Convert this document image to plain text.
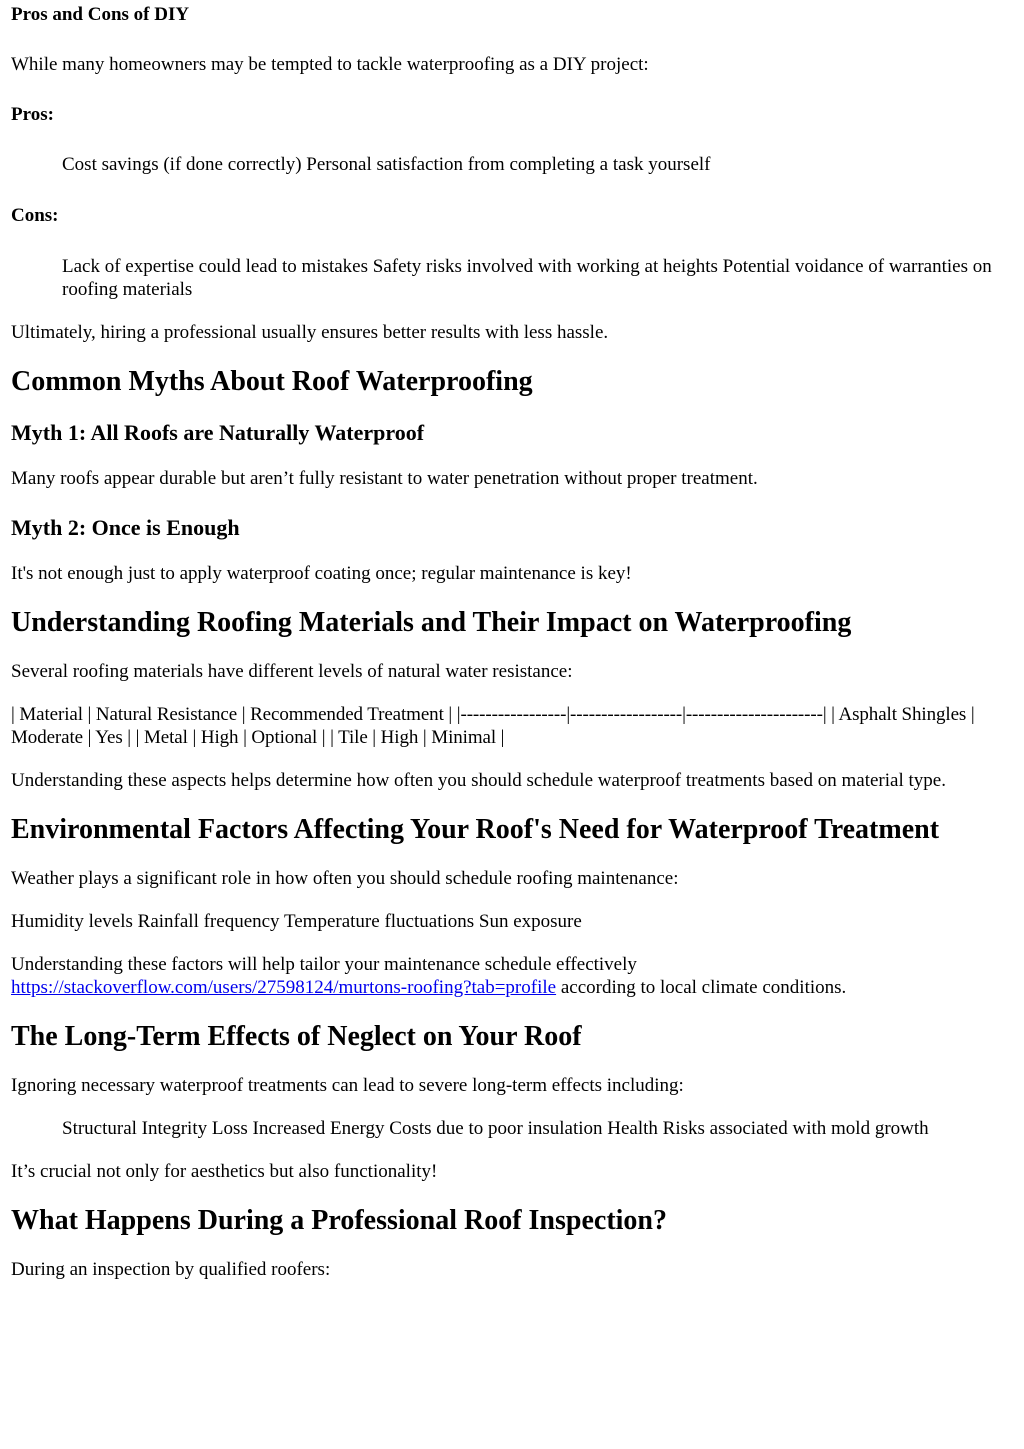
Pros and Cons of DIY

While many homeowners may be tempted to tackle waterproofing as a DIY project:

Pros:

Cost savings (if done correctly) Personal satisfaction from completing a task yourself

Cons:

Lack of expertise could lead to mistakes Safety risks involved with working at heights Potential voidance of warranties on roofing materials

Ultimately, hiring a professional usually ensures better results with less hassle.

Common Myths About Roof Waterproofing
Myth 1: All Roofs are Naturally Waterproof

Many roofs appear durable but aren’t fully resistant to water penetration without proper treatment.

Myth 2: Once is Enough

It's not enough just to apply waterproof coating once; regular maintenance is key!

Understanding Roofing Materials and Their Impact on Waterproofing

Several roofing materials have different levels of natural water resistance:

| Material | Natural Resistance | Recommended Treatment | |-----------------|------------------|----------------------| | Asphalt Shingles | Moderate | Yes | | Metal | High | Optional | | Tile | High | Minimal |

Understanding these aspects helps determine how often you should schedule waterproof treatments based on material type.

Environmental Factors Affecting Your Roof's Need for Waterproof Treatment

Weather plays a significant role in how often you should schedule roofing maintenance:

Humidity levels Rainfall frequency Temperature fluctuations Sun exposure

Understanding these factors will help tailor your maintenance schedule effectively https://stackoverflow.com/users/27598124/murtons-roofing?tab=profile according to local climate conditions.

The Long-Term Effects of Neglect on Your Roof

Ignoring necessary waterproof treatments can lead to severe long-term effects including:

Structural Integrity Loss Increased Energy Costs due to poor insulation Health Risks associated with mold growth

It’s crucial not only for aesthetics but also functionality!

What Happens During a Professional Roof Inspection?

During an inspection by qualified roofers:
